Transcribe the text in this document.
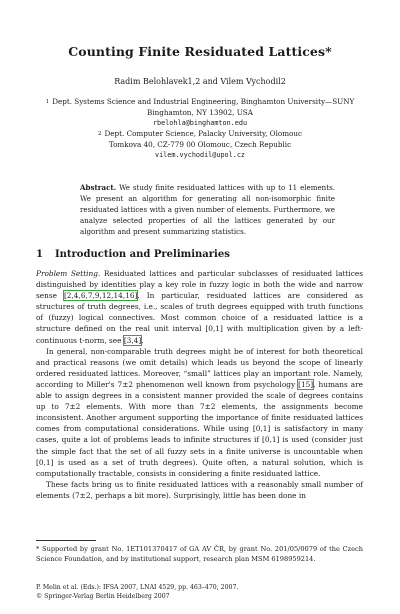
Counting Finite Residuated Lattices*
Radim Belohlavek1,2 and Vilem Vychodil2
$^1$ Dept. Systems Science and Industrial Engineering, Binghamton University—SUNY
Binghamton, NY 13902, USA
rbelohla@binghamton.edu
$^2$ Dept. Computer Science, Palacky University, Olomouc
Tomkova 40, CZ-779 00 Olomouc, Czech Republic
vilem.vychodil@upol.cz
Abstract. We study finite residuated lattices with up to 11 elements. We present an algorithm for generating all non-isomorphic finite residuated lattices with a given number of elements. Furthermore, we analyze selected properties of all the lattices generated by our algorithm and present summarizing statistics.
1 Introduction and Preliminaries

Problem Setting. Residuated lattices and particular subclasses of residuated lattices distinguished by identities play a key role in fuzzy logic in both the wide and narrow sense [2,4,6,7,9,12,14,16]. In particular, residuated lattices are considered as structures of truth degrees, i.e., scales of truth degrees equipped with truth functions of (fuzzy) logical connectives. Most common choice of a residuated lattice is a structure defined on the real unit interval [0,1] with multiplication given by a left-continuous t-norm, see [3,4].

In general, non-comparable truth degrees might be of interest for both theoretical and practical reasons (we omit details) which leads us beyond the scope of linearly ordered residuated lattices. Moreover, “small” lattices play an important role. Namely, according to Miller's 7±2 phenomenon well known from psychology [15], humans are able to assign degrees in a consistent manner provided the scale of degrees contains up to 7±2 elements. With more than 7±2 elements, the assignments become inconsistent. Another argument supporting the importance of finite residuated lattices comes from computational considerations. While using [0,1] is satisfactory in many cases, quite a lot of problems leads to infinite structures if [0,1] is used (consider just the simple fact that the set of all fuzzy sets in a finite universe is uncountable when [0,1] is used as a set of truth degrees). Quite often, a natural solution, which is computationally tractable, consists in considering a finite residuated lattice.

These facts bring us to finite residuated lattices with a reasonably small number of elements (7±2, perhaps a bit more). Surprisingly, little has been done in

* Supported by grant No. 1ET101370417 of GA AV ČR, by grant No. 201/05/0079 of the Czech Science Foundation, and by institutional support, research plan MSM 6198959214.
P. Melin et al. (Eds.): IFSA 2007, LNAI 4529, pp. 463–470, 2007.
© Springer-Verlag Berlin Heidelberg 2007
